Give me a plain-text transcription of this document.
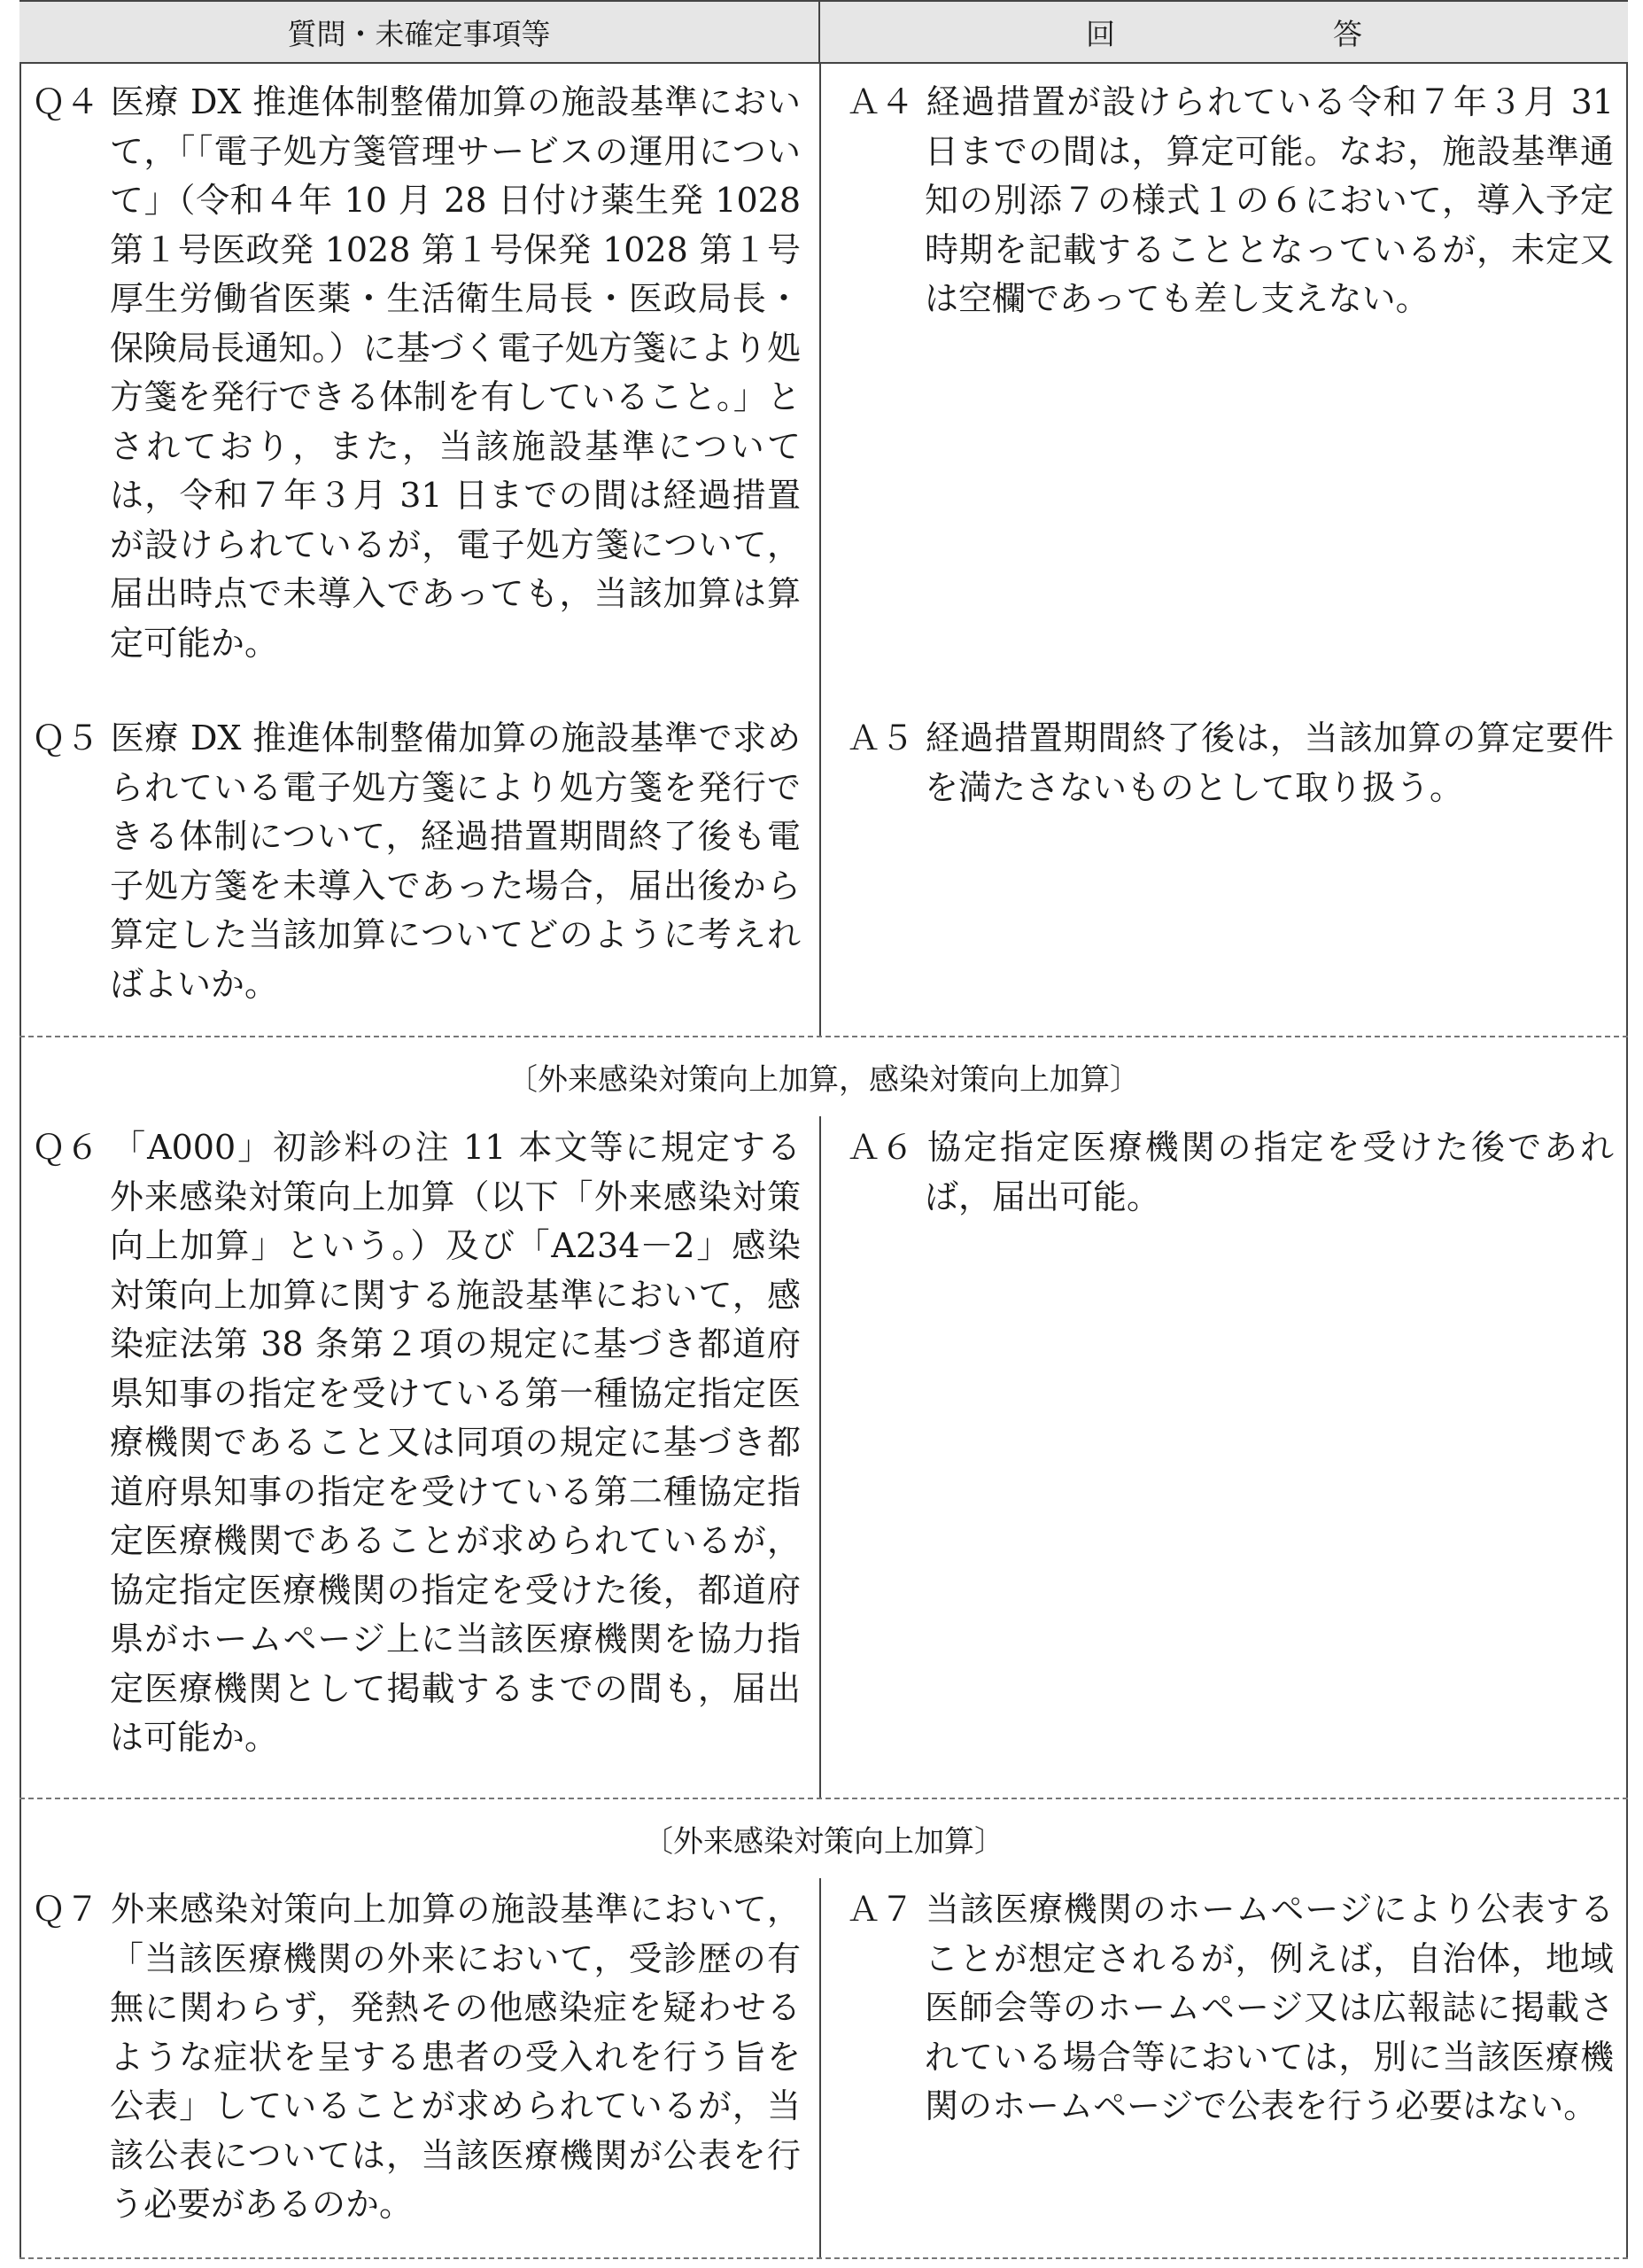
質問・未確定事項等	回　　答
Ｑ４ 医療 DX 推進体制整備加算の施設基準において，「「電子処方箋管理サービスの運用について」（令和４年 10 月 28 日付け薬生発 1028 第１号医政発 1028 第１号保発 1028 第１号厚生労働省医薬・生活衛生局長・医政局長・保険局長通知。）に基づく電子処方箋により処方箋を発行できる体制を有していること。」とされており，また，当該施設基準については，令和７年３月 31 日までの間は経過措置が設けられているが，電子処方箋について，届出時点で未導入であっても，当該加算は算定可能か。
Ａ４ 経過措置が設けられている令和７年３月 31 日までの間は，算定可能。なお，施設基準通知の別添７の様式１の６において，導入予定時期を記載することとなっているが，未定又は空欄であっても差し支えない。
Ｑ５ 医療 DX 推進体制整備加算の施設基準で求められている電子処方箋により処方箋を発行できる体制について，経過措置期間終了後も電子処方箋を未導入であった場合，届出後から算定した当該加算についてどのように考えればよいか。
Ａ５ 経過措置期間終了後は，当該加算の算定要件を満たさないものとして取り扱う。
〔外来感染対策向上加算，感染対策向上加算〕
Ｑ６ 「A000」初診料の注 11 本文等に規定する外来感染対策向上加算（以下「外来感染対策向上加算」という。）及び「A234－2」感染対策向上加算に関する施設基準において，感染症法第 38 条第２項の規定に基づき都道府県知事の指定を受けている第一種協定指定医療機関であること又は同項の規定に基づき都道府県知事の指定を受けている第二種協定指定医療機関であることが求められているが，協定指定医療機関の指定を受けた後，都道府県がホームページ上に当該医療機関を協力指定医療機関として掲載するまでの間も，届出は可能か。
Ａ６ 協定指定医療機関の指定を受けた後であれば，届出可能。
〔外来感染対策向上加算〕
Ｑ７ 外来感染対策向上加算の施設基準において，「当該医療機関の外来において，受診歴の有無に関わらず，発熱その他感染症を疑わせるような症状を呈する患者の受入れを行う旨を公表」していることが求められているが，当該公表については，当該医療機関が公表を行う必要があるのか。
Ａ７ 当該医療機関のホームページにより公表することが想定されるが，例えば，自治体，地域医師会等のホームページ又は広報誌に掲載されている場合等においては，別に当該医療機関のホームページで公表を行う必要はない。
